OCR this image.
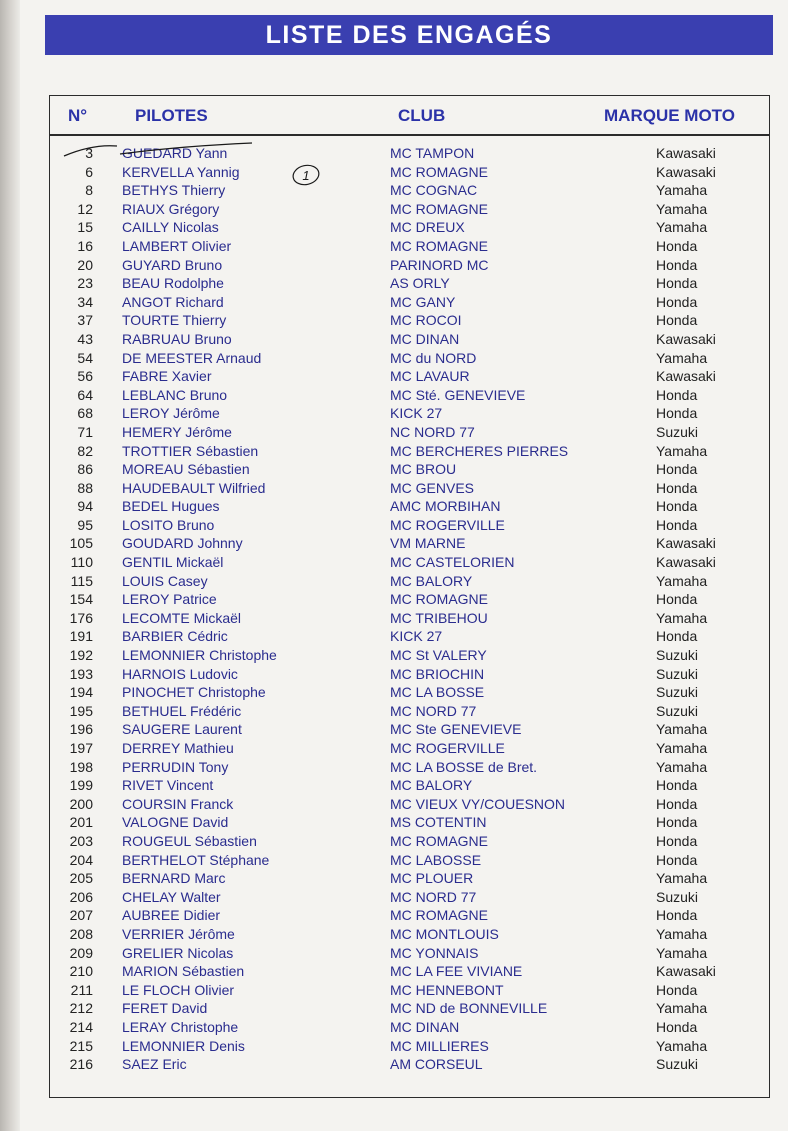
LISTE DES ENGAGÉS
N°	PILOTES	CLUB	MARQUE MOTO
3 GUEDARD Yann	MC TAMPON	Kawasaki
6 KERVELLA Yannig	MC ROMAGNE	Kawasaki
8 BETHYS Thierry	MC COGNAC	Yamaha
12 RIAUX Grégory	MC ROMAGNE	Yamaha
15 CAILLY Nicolas	MC DREUX	Yamaha
16 LAMBERT Olivier	MC ROMAGNE	Honda
20 GUYARD Bruno	PARINORD MC	Honda
23 BEAU Rodolphe	AS ORLY	Honda
34 ANGOT Richard	MC GANY	Honda
37 TOURTE Thierry	MC ROCOI	Honda
43 RABRUAU Bruno	MC DINAN	Kawasaki
54 DE MEESTER Arnaud	MC du NORD	Yamaha
56 FABRE Xavier	MC LAVAUR	Kawasaki
64 LEBLANC Bruno	MC Sté. GENEVIEVE	Honda
68 LEROY Jérôme	KICK 27	Honda
71 HEMERY Jérôme	NC NORD 77	Suzuki
82 TROTTIER Sébastien	MC BERCHERES PIERRES	Yamaha
86 MOREAU Sébastien	MC BROU	Honda
88 HAUDEBAULT Wilfried	MC GENVES	Honda
94 BEDEL Hugues	AMC MORBIHAN	Honda
95 LOSITO Bruno	MC ROGERVILLE	Honda
105 GOUDARD Johnny	VM MARNE	Kawasaki
110 GENTIL Mickaël	MC CASTELORIEN	Kawasaki
115 LOUIS Casey	MC BALORY	Yamaha
154 LEROY Patrice	MC ROMAGNE	Honda
176 LECOMTE Mickaël	MC TRIBEHOU	Yamaha
191 BARBIER Cédric	KICK 27	Honda
192 LEMONNIER Christophe	MC St VALERY	Suzuki
193 HARNOIS Ludovic	MC BRIOCHIN	Suzuki
194 PINOCHET Christophe	MC LA BOSSE	Suzuki
195 BETHUEL Frédéric	MC NORD 77	Suzuki
196 SAUGERE Laurent	MC Ste GENEVIEVE	Yamaha
197 DERREY Mathieu	MC ROGERVILLE	Yamaha
198 PERRUDIN Tony	MC LA BOSSE de Bret.	Yamaha
199 RIVET Vincent	MC BALORY	Honda
200 COURSIN Franck	MC VIEUX VY/COUESNON	Honda
201 VALOGNE David	MS COTENTIN	Honda
203 ROUGEUL Sébastien	MC ROMAGNE	Honda
204 BERTHELOT Stéphane	MC LABOSSE	Honda
205 BERNARD Marc	MC PLOUER	Yamaha
206 CHELAY Walter	MC NORD 77	Suzuki
207 AUBREE Didier	MC ROMAGNE	Honda
208 VERRIER Jérôme	MC MONTLOUIS	Yamaha
209 GRELIER Nicolas	MC YONNAIS	Yamaha
210 MARION Sébastien	MC LA FEE VIVIANE	Kawasaki
211 LE FLOCH Olivier	MC HENNEBONT	Honda
212 FERET David	MC ND de BONNEVILLE	Yamaha
214 LERAY Christophe	MC DINAN	Honda
215 LEMONNIER Denis	MC MILLIERES	Yamaha
216 SAEZ Eric	AM CORSEUL	Suzuki
1
